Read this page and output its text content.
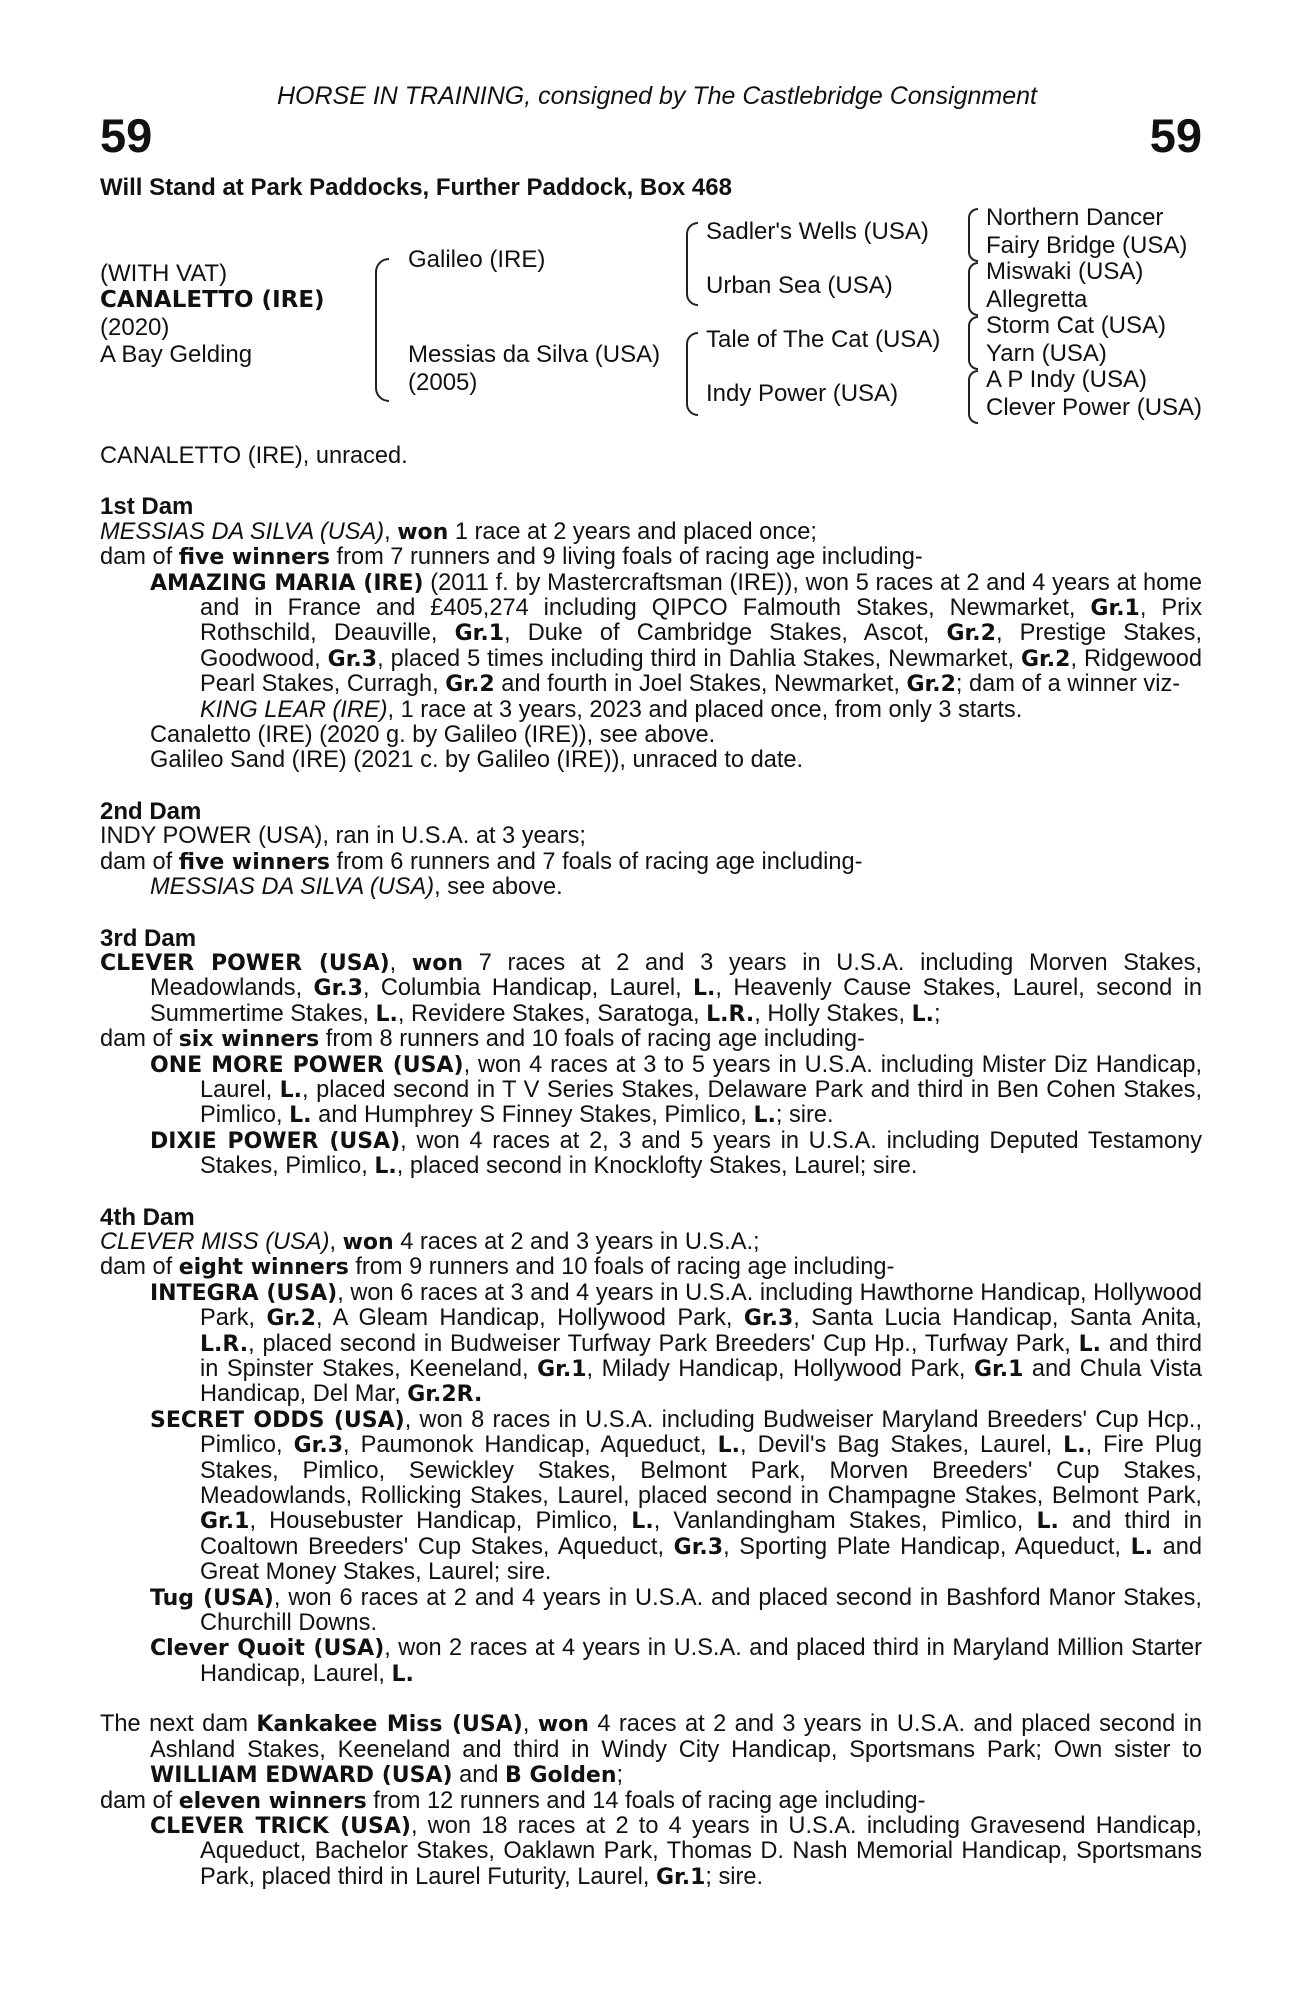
HORSE IN TRAINING, consigned by The Castlebridge Consignment
59	59
Will Stand at Park Paddocks, Further Paddock, Box 468
(WITH VAT)
CANALETTO (IRE)
(2020)
A Bay Gelding
Galileo (IRE)
Messias da Silva (USA)
(2005)
Sadler's Wells (USA)
Urban Sea (USA)
Tale of The Cat (USA)
Indy Power (USA)
Northern Dancer
Fairy Bridge (USA)
Miswaki (USA)
Allegretta
Storm Cat (USA)
Yarn (USA)
A P Indy (USA)
Clever Power (USA)

CANALETTO (IRE), unraced.

1st Dam

MESSIAS DA SILVA (USA), won 1 race at 2 years and placed once;

dam of five winners from 7 runners and 9 living foals of racing age including-

AMAZING MARIA (IRE) (2011 f. by Mastercraftsman (IRE)), won 5 races at 2 and 4 years at home and in France and £405,274 including QIPCO Falmouth Stakes, Newmarket, Gr.1, Prix Rothschild, Deauville, Gr.1, Duke of Cambridge Stakes, Ascot, Gr.2, Prestige Stakes, Goodwood, Gr.3, placed 5 times including third in Dahlia Stakes, Newmarket, Gr.2, Ridgewood Pearl Stakes, Curragh, Gr.2 and fourth in Joel Stakes, Newmarket, Gr.2; dam of a winner viz-

KING LEAR (IRE), 1 race at 3 years, 2023 and placed once, from only 3 starts.

Canaletto (IRE) (2020 g. by Galileo (IRE)), see above.

Galileo Sand (IRE) (2021 c. by Galileo (IRE)), unraced to date.

2nd Dam

INDY POWER (USA), ran in U.S.A. at 3 years;

dam of five winners from 6 runners and 7 foals of racing age including-

MESSIAS DA SILVA (USA), see above.

3rd Dam

CLEVER POWER (USA), won 7 races at 2 and 3 years in U.S.A. including Morven Stakes, Meadowlands, Gr.3, Columbia Handicap, Laurel, L., Heavenly Cause Stakes, Laurel, second in Summertime Stakes, L., Revidere Stakes, Saratoga, L.R., Holly Stakes, L.;

dam of six winners from 8 runners and 10 foals of racing age including-

ONE MORE POWER (USA), won 4 races at 3 to 5 years in U.S.A. including Mister Diz Handicap, Laurel, L., placed second in T V Series Stakes, Delaware Park and third in Ben Cohen Stakes, Pimlico, L. and Humphrey S Finney Stakes, Pimlico, L.; sire.

DIXIE POWER (USA), won 4 races at 2, 3 and 5 years in U.S.A. including Deputed Testamony Stakes, Pimlico, L., placed second in Knocklofty Stakes, Laurel; sire.

4th Dam

CLEVER MISS (USA), won 4 races at 2 and 3 years in U.S.A.;

dam of eight winners from 9 runners and 10 foals of racing age including-

INTEGRA (USA), won 6 races at 3 and 4 years in U.S.A. including Hawthorne Handicap, Hollywood Park, Gr.2, A Gleam Handicap, Hollywood Park, Gr.3, Santa Lucia Handicap, Santa Anita, L.R., placed second in Budweiser Turfway Park Breeders' Cup Hp., Turfway Park, L. and third in Spinster Stakes, Keeneland, Gr.1, Milady Handicap, Hollywood Park, Gr.1 and Chula Vista Handicap, Del Mar, Gr.2R.

SECRET ODDS (USA), won 8 races in U.S.A. including Budweiser Maryland Breeders' Cup Hcp., Pimlico, Gr.3, Paumonok Handicap, Aqueduct, L., Devil's Bag Stakes, Laurel, L., Fire Plug Stakes, Pimlico, Sewickley Stakes, Belmont Park, Morven Breeders' Cup Stakes, Meadowlands, Rollicking Stakes, Laurel, placed second in Champagne Stakes, Belmont Park, Gr.1, Housebuster Handicap, Pimlico, L., Vanlandingham Stakes, Pimlico, L. and third in Coaltown Breeders' Cup Stakes, Aqueduct, Gr.3, Sporting Plate Handicap, Aqueduct, L. and Great Money Stakes, Laurel; sire.

Tug (USA), won 6 races at 2 and 4 years in U.S.A. and placed second in Bashford Manor Stakes, Churchill Downs.

Clever Quoit (USA), won 2 races at 4 years in U.S.A. and placed third in Maryland Million Starter Handicap, Laurel, L.

The next dam Kankakee Miss (USA), won 4 races at 2 and 3 years in U.S.A. and placed second in Ashland Stakes, Keeneland and third in Windy City Handicap, Sportsmans Park; Own sister to WILLIAM EDWARD (USA) and B Golden;

dam of eleven winners from 12 runners and 14 foals of racing age including-

CLEVER TRICK (USA), won 18 races at 2 to 4 years in U.S.A. including Gravesend Handicap, Aqueduct, Bachelor Stakes, Oaklawn Park, Thomas D. Nash Memorial Handicap, Sportsmans Park, placed third in Laurel Futurity, Laurel, Gr.1; sire.
